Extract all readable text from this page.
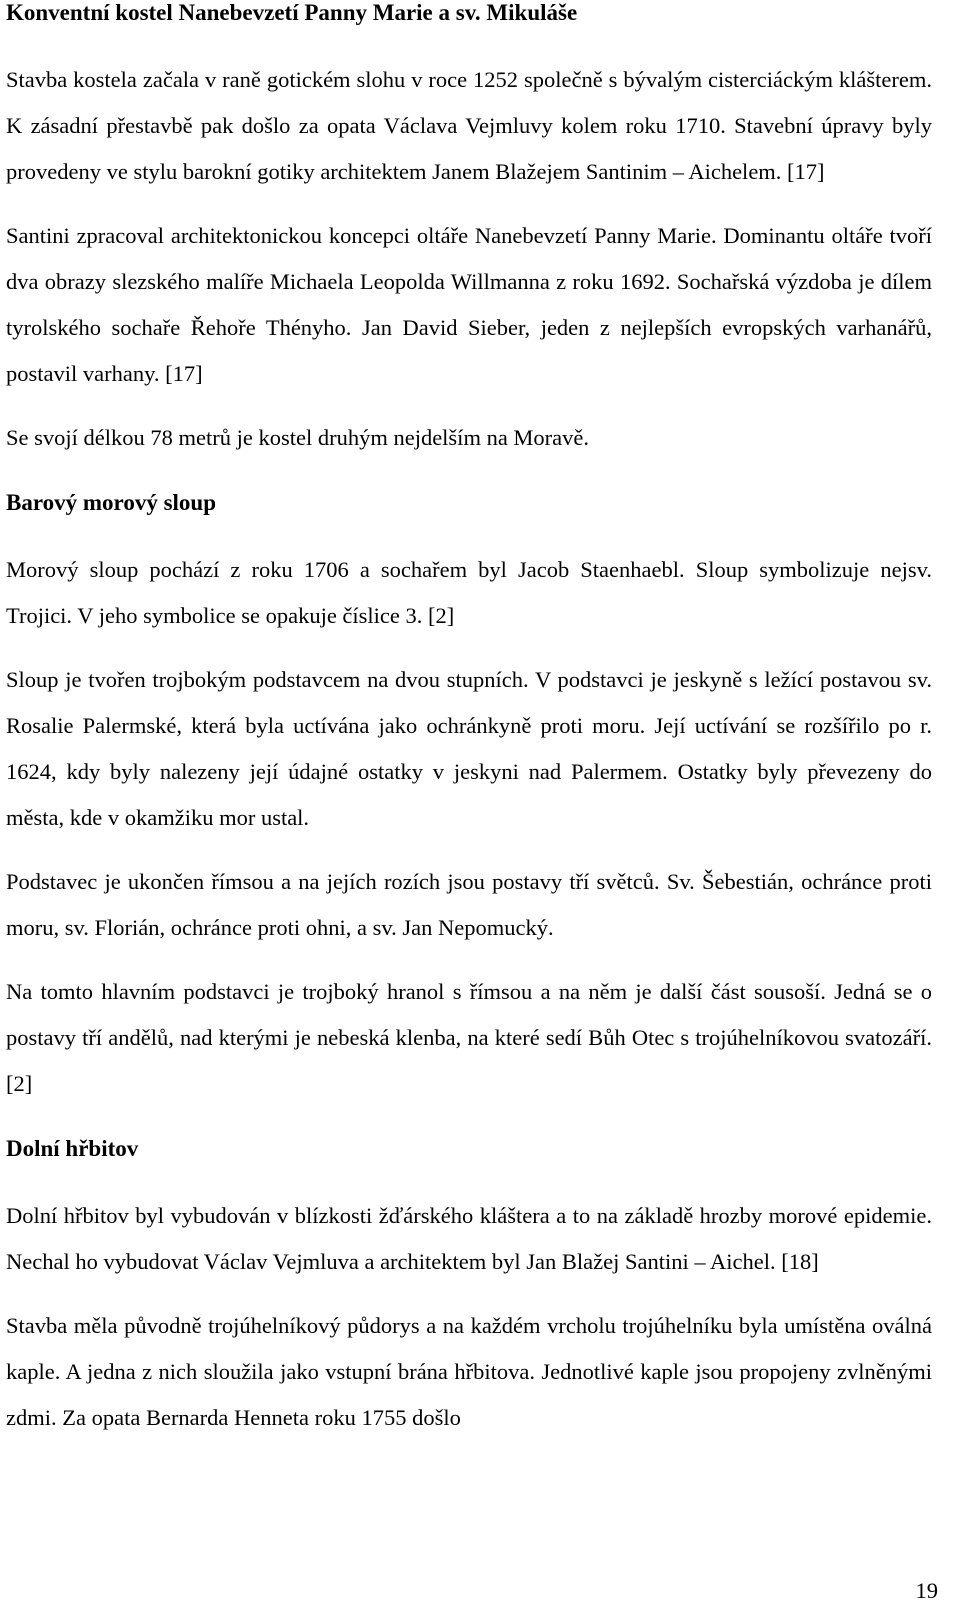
Konventní kostel Nanebevzetí Panny Marie a sv. Mikuláše

Stavba kostela začala v raně gotickém slohu v roce 1252 společně s bývalým cisterciáckým klášterem. K zásadní přestavbě pak došlo za opata Václava Vejmluvy kolem roku 1710. Stavební úpravy byly provedeny ve stylu barokní gotiky architektem Janem Blažejem Santinim – Aichelem. [17]

Santini zpracoval architektonickou koncepci oltáře Nanebevzetí Panny Marie. Dominantu oltáře tvoří dva obrazy slezského malíře Michaela Leopolda Willmanna z roku 1692. Sochařská výzdoba je dílem tyrolského sochaře Řehoře Thényho. Jan David Sieber, jeden z nejlepších evropských varhanářů, postavil varhany. [17]

Se svojí délkou 78 metrů je kostel druhým nejdelším na Moravě.

Barový morový sloup

Morový sloup pochází z roku 1706 a sochařem byl Jacob Staenhaebl. Sloup symbolizuje nejsv. Trojici. V jeho symbolice se opakuje číslice 3. [2]

Sloup je tvořen trojbokým podstavcem na dvou stupních. V podstavci je jeskyně s ležící postavou sv. Rosalie Palermské, která byla uctívána jako ochránkyně proti moru. Její uctívání se rozšířilo po r. 1624, kdy byly nalezeny její údajné ostatky v jeskyni nad Palermem. Ostatky byly převezeny do města, kde v okamžiku mor ustal.

Podstavec je ukončen římsou a na jejích rozích jsou postavy tří světců. Sv. Šebestián, ochránce proti moru, sv. Florián, ochránce proti ohni, a sv. Jan Nepomucký.

Na tomto hlavním podstavci je trojboký hranol s římsou a na něm je další část sousoší. Jedná se o postavy tří andělů, nad kterými je nebeská klenba, na které sedí Bůh Otec s trojúhelníkovou svatozáří. [2]

Dolní hřbitov

Dolní hřbitov byl vybudován v blízkosti žďárského kláštera a to na základě hrozby morové epidemie. Nechal ho vybudovat Václav Vejmluva a architektem byl Jan Blažej Santini – Aichel. [18]

Stavba měla původně trojúhelníkový půdorys a na každém vrcholu trojúhelníku byla umístěna oválná kaple. A jedna z nich sloužila jako vstupní brána hřbitova. Jednotlivé kaple jsou propojeny zvlněnými zdmi. Za opata Bernarda Henneta roku 1755 došlo

19
